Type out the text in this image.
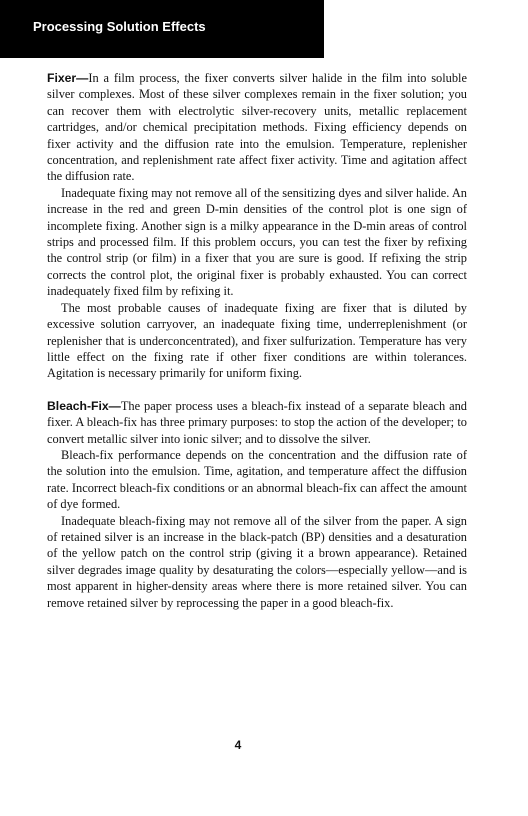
Processing Solution Effects

Fixer—In a film process, the fixer converts silver halide in the film into soluble silver complexes. Most of these silver complexes remain in the fixer solution; you can recover them with electrolytic silver-recovery units, metallic replacement cartridges, and/or chemical precipitation methods. Fixing efficiency depends on fixer activity and the diffusion rate into the emulsion. Temperature, replenisher concentration, and replenishment rate affect fixer activity. Time and agitation affect the diffusion rate.

Inadequate fixing may not remove all of the sensitizing dyes and silver halide. An increase in the red and green D-min densities of the control plot is one sign of incomplete fixing. Another sign is a milky appearance in the D-min areas of control strips and processed film. If this problem occurs, you can test the fixer by refixing the control strip (or film) in a fixer that you are sure is good. If refixing the strip corrects the control plot, the original fixer is probably exhausted. You can correct inadequately fixed film by refixing it.

The most probable causes of inadequate fixing are fixer that is diluted by excessive solution carryover, an inadequate fixing time, underreplenishment (or replenisher that is underconcentrated), and fixer sulfurization. Temperature has very little effect on the fixing rate if other fixer conditions are within tolerances. Agitation is necessary primarily for uniform fixing.

Bleach-Fix—The paper process uses a bleach-fix instead of a separate bleach and fixer. A bleach-fix has three primary purposes: to stop the action of the developer; to convert metallic silver into ionic silver; and to dissolve the silver.

Bleach-fix performance depends on the concentration and the diffusion rate of the solution into the emulsion. Time, agitation, and temperature affect the diffusion rate. Incorrect bleach-fix conditions or an abnormal bleach-fix can affect the amount of dye formed.

Inadequate bleach-fixing may not remove all of the silver from the paper. A sign of retained silver is an increase in the black-patch (BP) densities and a desaturation of the yellow patch on the control strip (giving it a brown appearance). Retained silver degrades image quality by desaturating the colors—especially yellow—and is most apparent in higher-density areas where there is more retained silver. You can remove retained silver by reprocessing the paper in a good bleach-fix.

4
